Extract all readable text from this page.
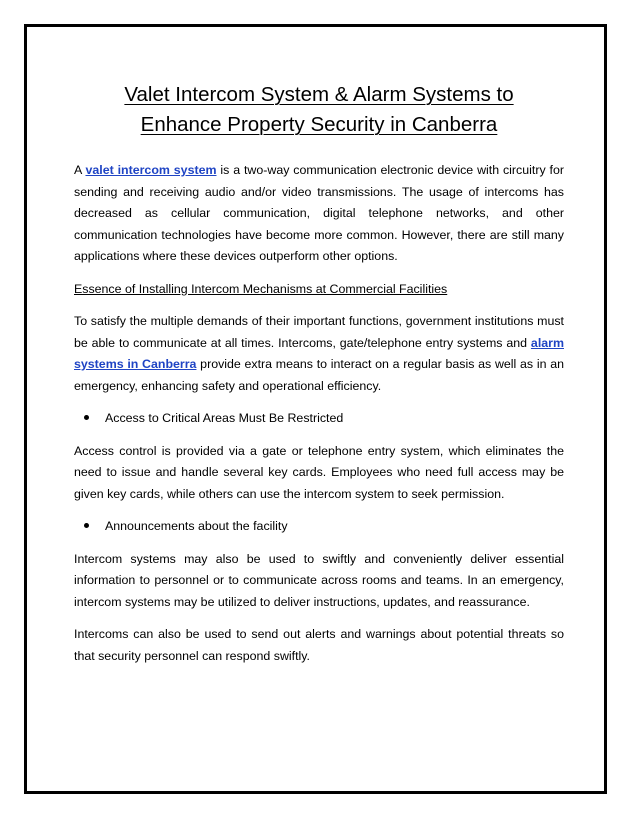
Valet Intercom System & Alarm Systems to
Enhance Property Security in Canberra

A valet intercom system is a two-way communication electronic device with circuitry for sending and receiving audio and/or video transmissions. The usage of intercoms has decreased as cellular communication, digital telephone networks, and other communication technologies have become more common. However, there are still many applications where these devices outperform other options.

Essence of Installing Intercom Mechanisms at Commercial Facilities

To satisfy the multiple demands of their important functions, government institutions must be able to communicate at all times. Intercoms, gate/telephone entry systems and alarm systems in Canberra provide extra means to interact on a regular basis as well as in an emergency, enhancing safety and operational efficiency.

Access to Critical Areas Must Be Restricted

Access control is provided via a gate or telephone entry system, which eliminates the need to issue and handle several key cards. Employees who need full access may be given key cards, while others can use the intercom system to seek permission.

Announcements about the facility

Intercom systems may also be used to swiftly and conveniently deliver essential information to personnel or to communicate across rooms and teams. In an emergency, intercom systems may be utilized to deliver instructions, updates, and reassurance.

Intercoms can also be used to send out alerts and warnings about potential threats so that security personnel can respond swiftly.
